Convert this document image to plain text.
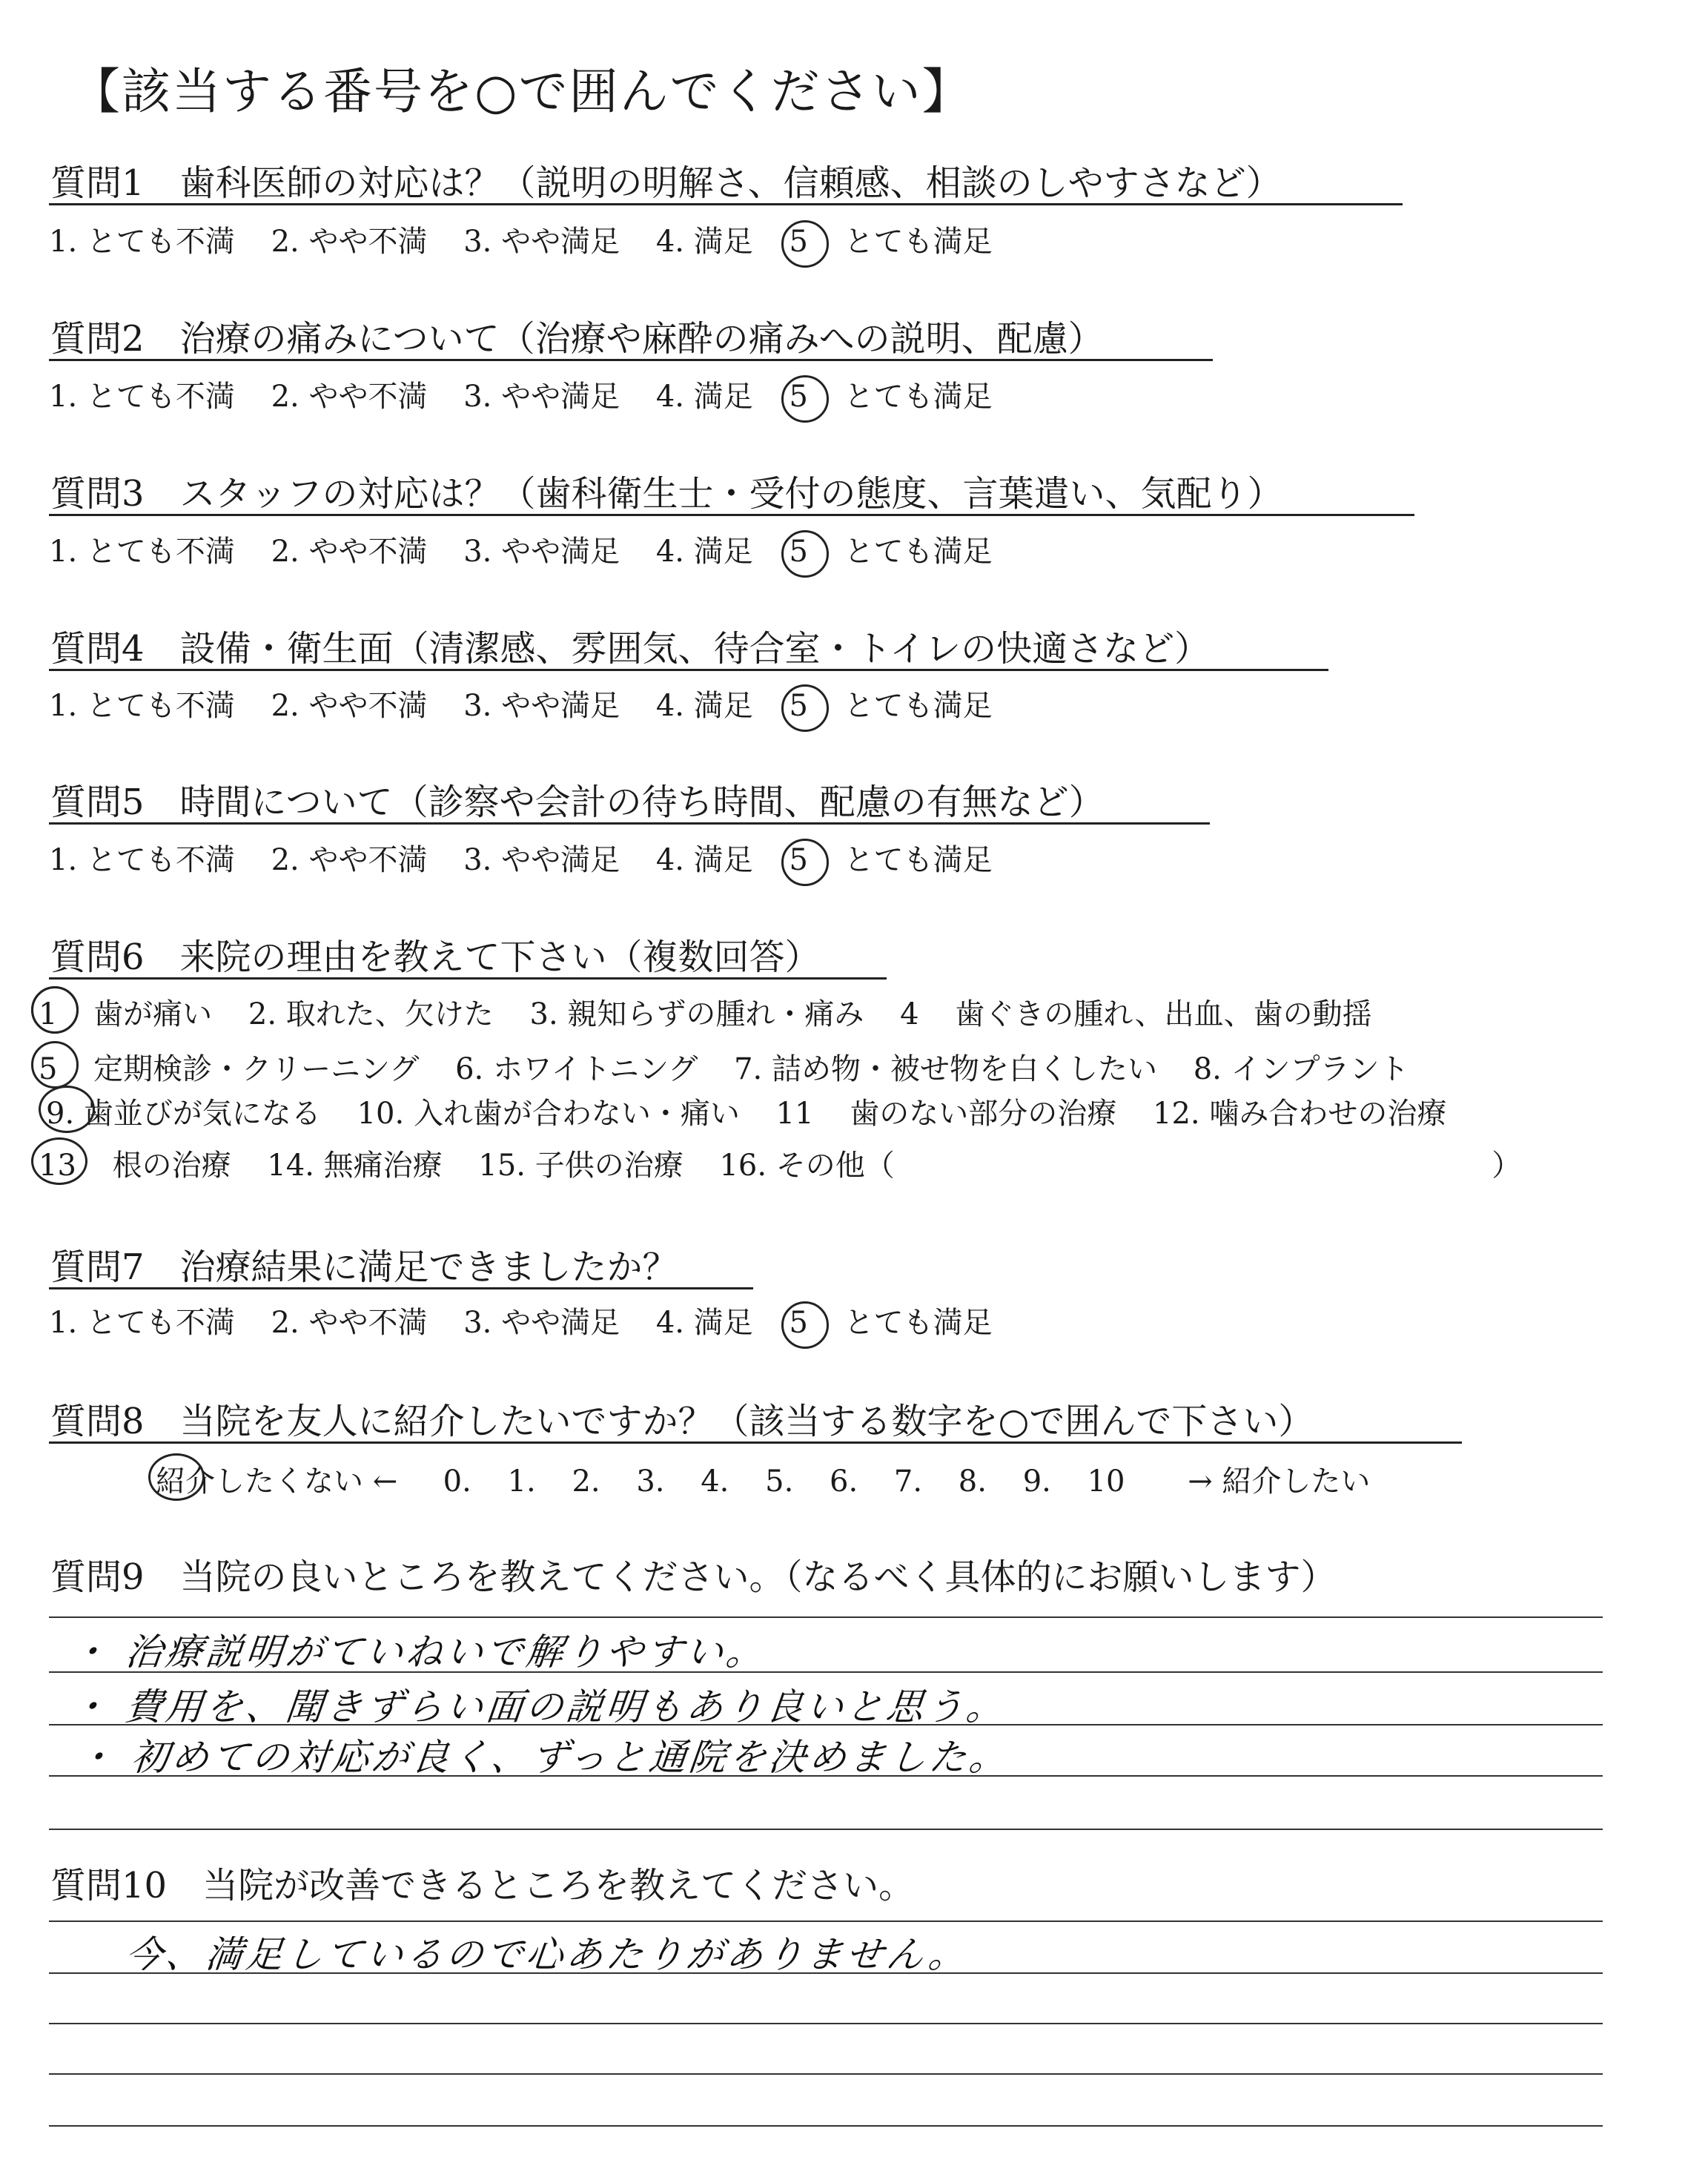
【該当する番号を○で囲んでください】
質問1　歯科医師の対応は？（説明の明解さ、信頼感、相談のしやすさなど）
1. とても不満 2. やや不満 3. やや満足 4. 満足 5 とても満足
質問2　治療の痛みについて（治療や麻酔の痛みへの説明、配慮）
1. とても不満 2. やや不満 3. やや満足 4. 満足 5 とても満足
質問3　スタッフの対応は？（歯科衛生士・受付の態度、言葉遣い、気配り）
1. とても不満 2. やや不満 3. やや満足 4. 満足 5 とても満足
質問4　設備・衛生面（清潔感、雰囲気、待合室・トイレの快適さなど）
1. とても不満 2. やや不満 3. やや満足 4. 満足 5 とても満足
質問5　時間について（診察や会計の待ち時間、配慮の有無など）
1. とても不満 2. やや不満 3. やや満足 4. 満足 5 とても満足
質問6　来院の理由を教えて下さい（複数回答）
1 歯が痛い 2. 取れた、欠けた 3. 親知らずの腫れ・痛み 4 歯ぐきの腫れ、出血、歯の動揺
5 定期検診・クリーニング 6. ホワイトニング 7. 詰め物・被せ物を白くしたい 8. インプラント
9. 歯並びが気になる 10. 入れ歯が合わない・痛い 11 歯のない部分の治療 12. 噛み合わせの治療
13 根の治療 14. 無痛治療 15. 子供の治療 16. その他（	）
質問7　治療結果に満足できましたか？
1. とても不満 2. やや不満 3. やや満足 4. 満足 5 とても満足
質問8　当院を友人に紹介したいですか？（該当する数字を○で囲んで下さい）
紹介したくない ← 0. 1. 2. 3. 4. 5. 6. 7. 8. 9. 10 → 紹介したい
質問9　当院の良いところを教えてください。（なるべく具体的にお願いします）
・ 治療説明がていねいで解りやすい。
・ 費用を、聞きずらい面の説明もあり良いと思う。
・ 初めての対応が良く、ずっと通院を決めました。
質問10　当院が改善できるところを教えてください。
今、満足しているので心あたりがありません。
